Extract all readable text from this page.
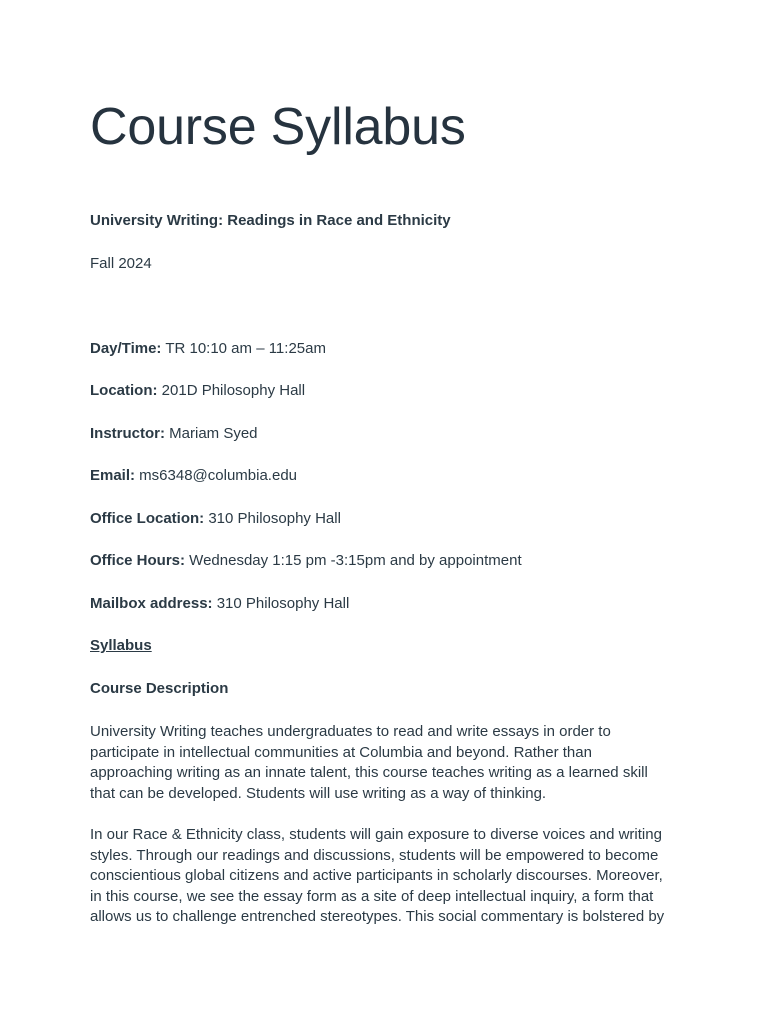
Course Syllabus

University Writing: Readings in Race and Ethnicity

Fall 2024

Day/Time: TR 10:10 am – 11:25am

Location: 201D Philosophy Hall

Instructor: Mariam Syed

Email: ms6348@columbia.edu

Office Location: 310 Philosophy Hall

Office Hours: Wednesday 1:15 pm -3:15pm and by appointment

Mailbox address: 310 Philosophy Hall

Syllabus

Course Description

University Writing teaches undergraduates to read and write essays in order to participate in intellectual communities at Columbia and beyond. Rather than approaching writing as an innate talent, this course teaches writing as a learned skill that can be developed. Students will use writing as a way of thinking.

In our Race & Ethnicity class, students will gain exposure to diverse voices and writing styles. Through our readings and discussions, students will be empowered to become conscientious global citizens and active participants in scholarly discourses. Moreover, in this course, we see the essay form as a site of deep intellectual inquiry, a form that allows us to challenge entrenched stereotypes. This social commentary is bolstered by
